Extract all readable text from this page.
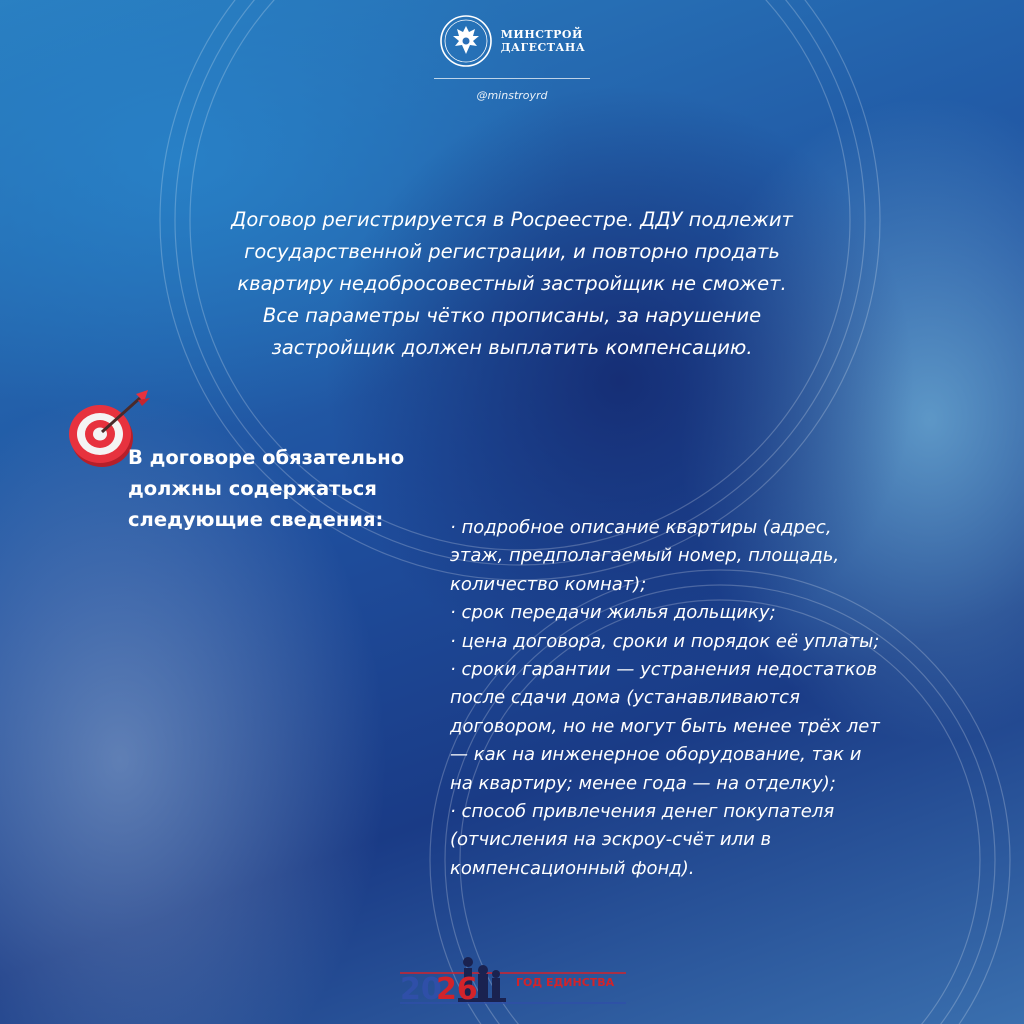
МИНСТРОЙ
ДАГЕСТАНА
@minstroyrd
Договор регистрируется в Росреестре. ДДУ подлежит
государственной регистрации, и повторно продать
квартиру недобросовестный застройщик не сможет.
Все параметры чётко прописаны, за нарушение
застройщик должен выплатить компенсацию.
В договоре обязательно
должны содержаться
следующие сведения:	· подробное описание квартиры (адрес,
этаж, предполагаемый номер, площадь,
количество комнат);
· срок передачи жилья дольщику;
· цена договора, сроки и порядок её уплаты;
· сроки гарантии — устранения недостатков
после сдачи дома (устанавливаются
договором, но не могут быть менее трёх лет
— как на инженерное оборудование, так и
на квартиру; менее года — на отделку);
· способ привлечения денег покупателя
(отчисления на эскроу-счёт или в
компенсационный фонд).
20
26	ГОД ЕДИНСТВА
